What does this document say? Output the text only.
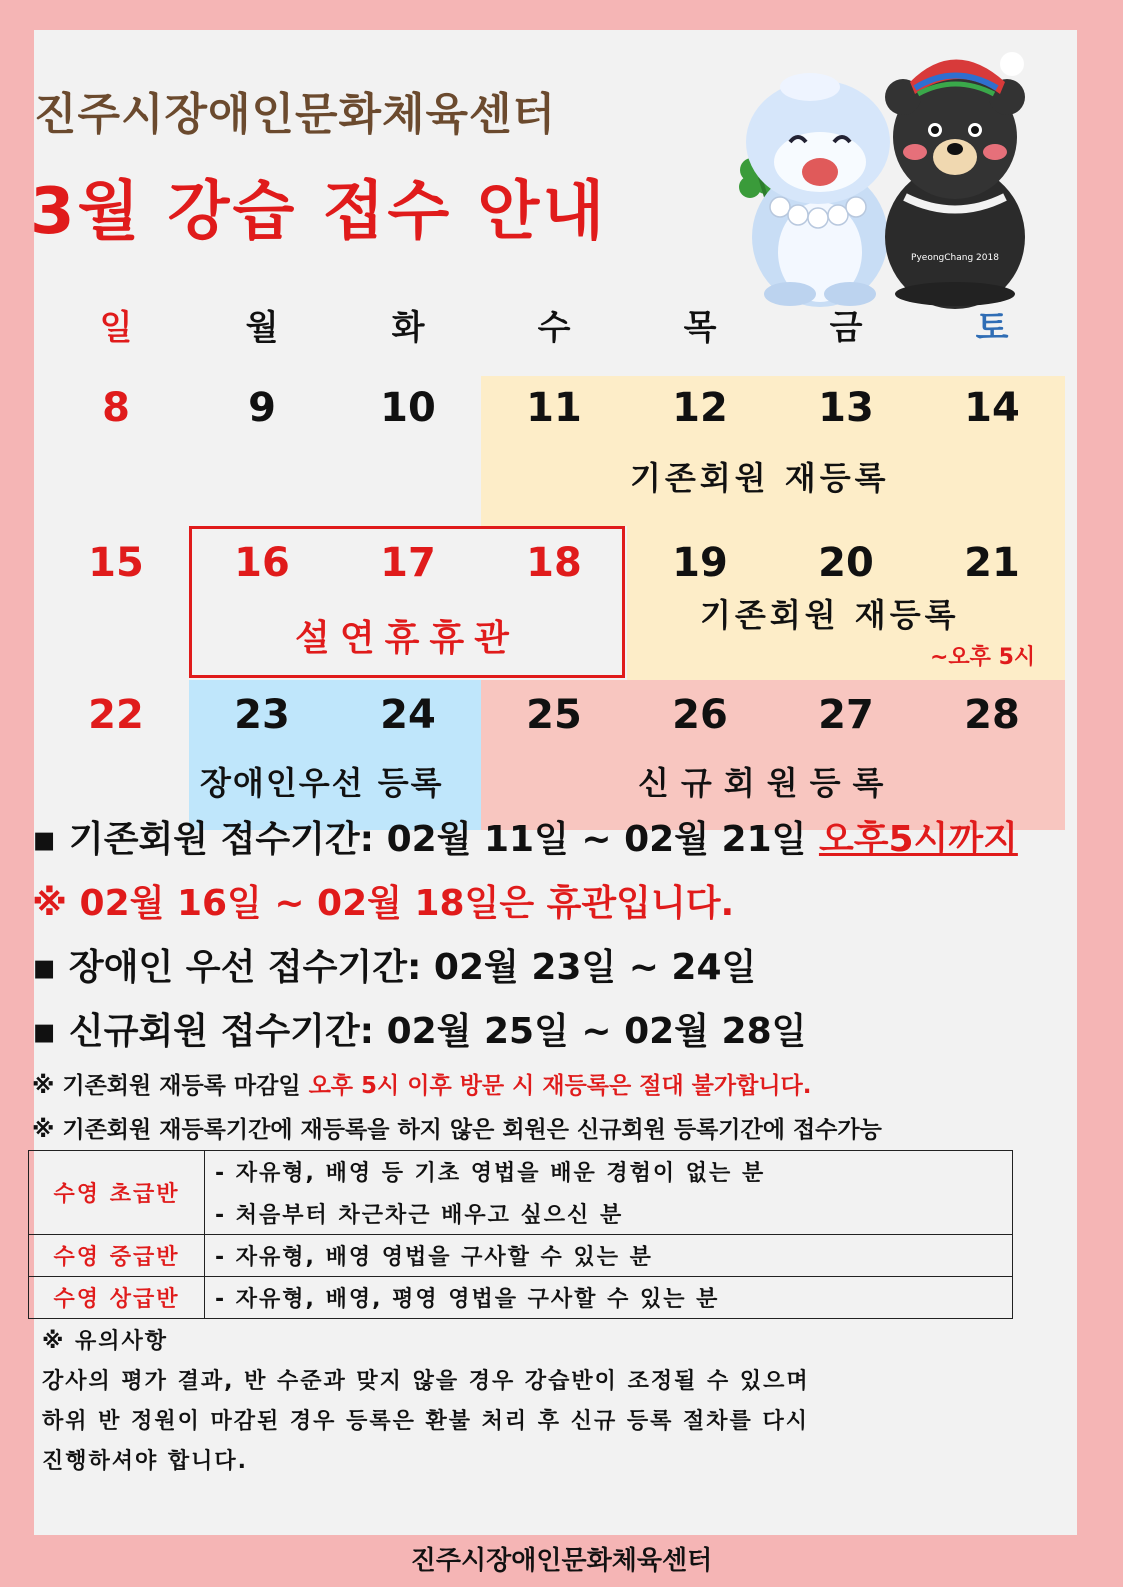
진주시장애인문화체육센터
3월 강습 접수 안내
PyeongChang 2018
일	월	화	수	목	금	토
8	9	10	11	12	13	14
기존회원 재등록
15	16	17	18	19	20	21
기존회원 재등록
~오후 5시
설연휴휴관
22	23	24	25	26	27	28
장애인우선 등록	신규회원등록
▪ 기존회원 접수기간: 02월 11일 ~ 02월 21일 오후5시까지
※ 02월 16일 ~ 02월 18일은 휴관입니다.
▪ 장애인 우선 접수기간: 02월 23일 ~ 24일
▪ 신규회원 접수기간: 02월 25일 ~ 02월 28일
※ 기존회원 재등록 마감일 오후 5시 이후 방문 시 재등록은 절대 불가합니다.
※ 기존회원 재등록기간에 재등록을 하지 않은 회원은 신규회원 등록기간에 접수가능
수영 초급반	- 자유형, 배영 등 기초 영법을 배운 경험이 없는 분
	- 처음부터 차근차근 배우고 싶으신 분
수영 중급반	- 자유형, 배영 영법을 구사할 수 있는 분
수영 상급반	- 자유형, 배영, 평영 영법을 구사할 수 있는 분
※ 유의사항
강사의 평가 결과, 반 수준과 맞지 않을 경우 강습반이 조정될 수 있으며
하위 반 정원이 마감된 경우 등록은 환불 처리 후 신규 등록 절차를 다시
진행하셔야 합니다.
진주시장애인문화체육센터
